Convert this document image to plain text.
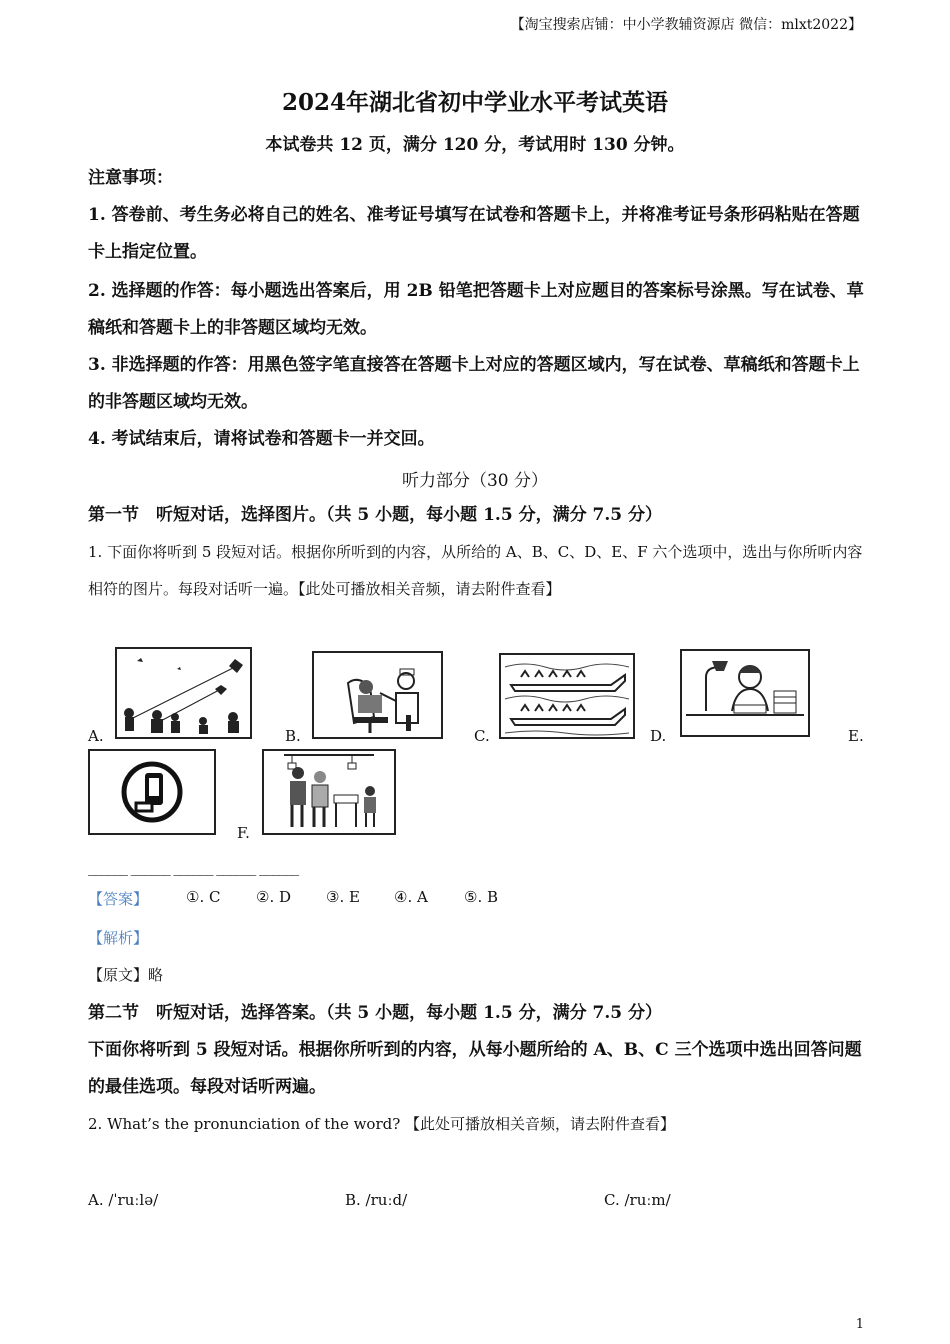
【淘宝搜索店铺：中小学教辅资源店 微信：mlxt2022】
2024年湖北省初中学业水平考试英语
本试卷共 12 页，满分 120 分，考试用时 130 分钟。
注意事项：

1. 答卷前、考生务必将自己的姓名、准考证号填写在试卷和答题卡上，并将准考证号条形码粘贴在答题卡上指定位置。

2. 选择题的作答：每小题选出答案后，用 2B 铅笔把答题卡上对应题目的答案标号涂黑。写在试卷、草稿纸和答题卡上的非答题区域均无效。

3. 非选择题的作答：用黑色签字笔直接答在答题卡上对应的答题区域内，写在试卷、草稿纸和答题卡上的非答题区域均无效。

4. 考试结束后，请将试卷和答题卡一并交回。

听力部分（30 分）
第一节　听短对话，选择图片。（共 5 小题，每小题 1.5 分，满分 7.5 分）

1. 下面你将听到 5 段短对话。根据你所听到的内容，从所给的 A、B、C、D、E、F 六个选项中，选出与你所听内容相符的图片。每段对话听一遍。【此处可播放相关音频，请去附件查看】

A.	B.	C.	D.	E.
F.
______ ______ ______ ______ ______
【答案】	①. C	②. D	③. E	④. A	⑤. B
【解析】
【原文】略
第二节　听短对话，选择答案。（共 5 小题，每小题 1.5 分，满分 7.5 分）

下面你将听到 5 段短对话。根据你所听到的内容，从每小题所给的 A、B、C 三个选项中选出回答问题的最佳选项。每段对话听两遍。

2. What’s the pronunciation of the word? 【此处可播放相关音频，请去附件查看】

A. /ˈruːlə/	B. /ruːd/	C. /ruːm/
1
